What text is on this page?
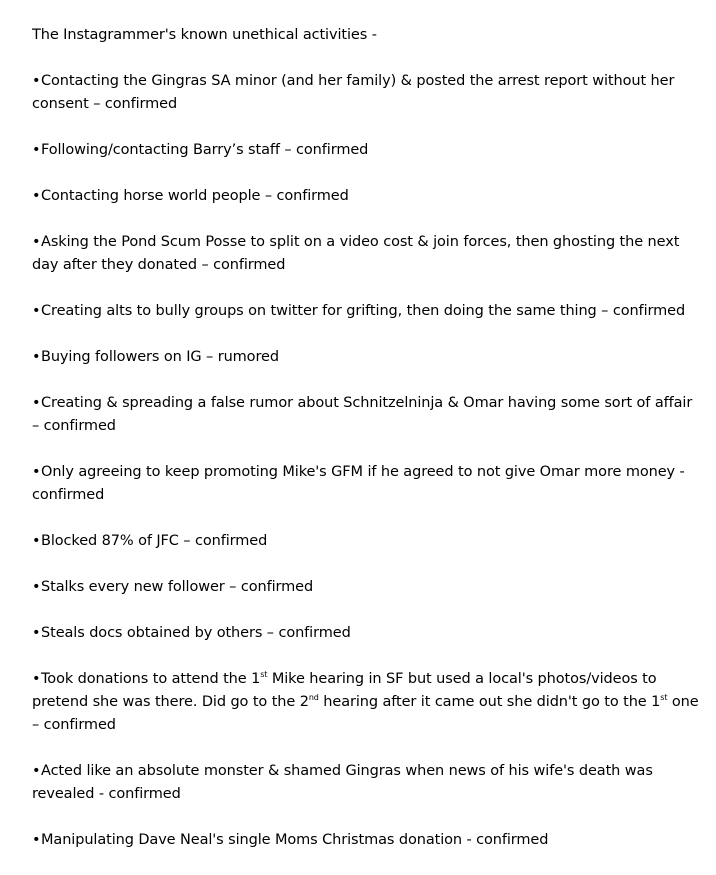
The Instagrammer's known unethical activities -
•Contacting the Gingras SA minor (and her family) & posted the arrest report without her consent – confirmed
•Following/contacting Barry’s staff – confirmed
•Contacting horse world people – confirmed
•Asking the Pond Scum Posse to split on a video cost & join forces, then ghosting the next day after they donated – confirmed
•Creating alts to bully groups on twitter for grifting, then doing the same thing – confirmed
•Buying followers on IG – rumored
•Creating & spreading a false rumor about Schnitzelninja & Omar having some sort of affair – confirmed
•Only agreeing to keep promoting Mike's GFM if he agreed to not give Omar more money - confirmed
•Blocked 87% of JFC – confirmed
•Stalks every new follower – confirmed
•Steals docs obtained by others – confirmed
•Took donations to attend the 1st Mike hearing in SF but used a local's photos/videos to pretend she was there. Did go to the 2nd hearing after it came out she didn't go to the 1st one – confirmed
•Acted like an absolute monster & shamed Gingras when news of his wife's death was revealed - confirmed
•Manipulating Dave Neal's single Moms Christmas donation - confirmed
